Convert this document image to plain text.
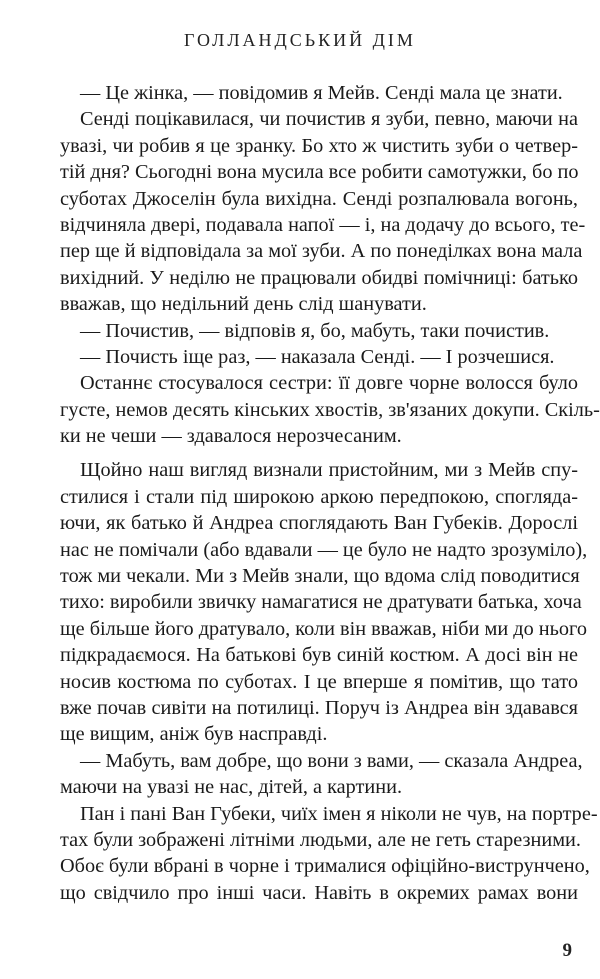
ГОЛЛАНДСЬКИЙ ДІМ
— Це жінка, — повідомив я Мейв. Сенді мала це знати.
Сенді поцікавилася, чи почистив я зуби, певно, маючи на
увазі, чи робив я це зранку. Бо хто ж чистить зуби о четвер-
тій дня? Сьогодні вона мусила все робити самотужки, бо по
суботах Джоселін була вихідна. Сенді розпалювала вогонь,
відчиняла двері, подавала напої — і, на додачу до всього, те-
пер ще й відповідала за мої зуби. А по понеділках вона мала
вихідний. У неділю не працювали обидві помічниці: батько
вважав, що недільний день слід шанувати.
— Почистив, — відповів я, бо, мабуть, таки почистив.
— Почисть іще раз, — наказала Сенді. — І розчешися.
Останнє стосувалося сестри: її довге чорне волосся було
густе, немов десять кінських хвостів, зв'язаних докупи. Скіль-
ки не чеши — здавалося нерозчесаним.
Щойно наш вигляд визнали пристойним, ми з Мейв спу-
стилися і стали під широкою аркою передпокою, спогляда-
ючи, як батько й Андреа споглядають Ван Губеків. Дорослі
нас не помічали (або вдавали — це було не надто зрозуміло),
тож ми чекали. Ми з Мейв знали, що вдома слід поводитися
тихо: виробили звичку намагатися не дратувати батька, хоча
ще більше його дратувало, коли він вважав, ніби ми до нього
підкрадаємося. На батькові був синій костюм. А досі він не
носив костюма по суботах. І це вперше я помітив, що тато
вже почав сивіти на потилиці. Поруч із Андреа він здавався
ще вищим, аніж був насправді.
— Мабуть, вам добре, що вони з вами, — сказала Андреа,
маючи на увазі не нас, дітей, а картини.
Пан і пані Ван Губеки, чиїх імен я ніколи не чув, на портре-
тах були зображені літніми людьми, але не геть старезними.
Обоє були вбрані в чорне і трималися офіційно-виструнчено,
що свідчило про інші часи. Навіть в окремих рамах вони
9
